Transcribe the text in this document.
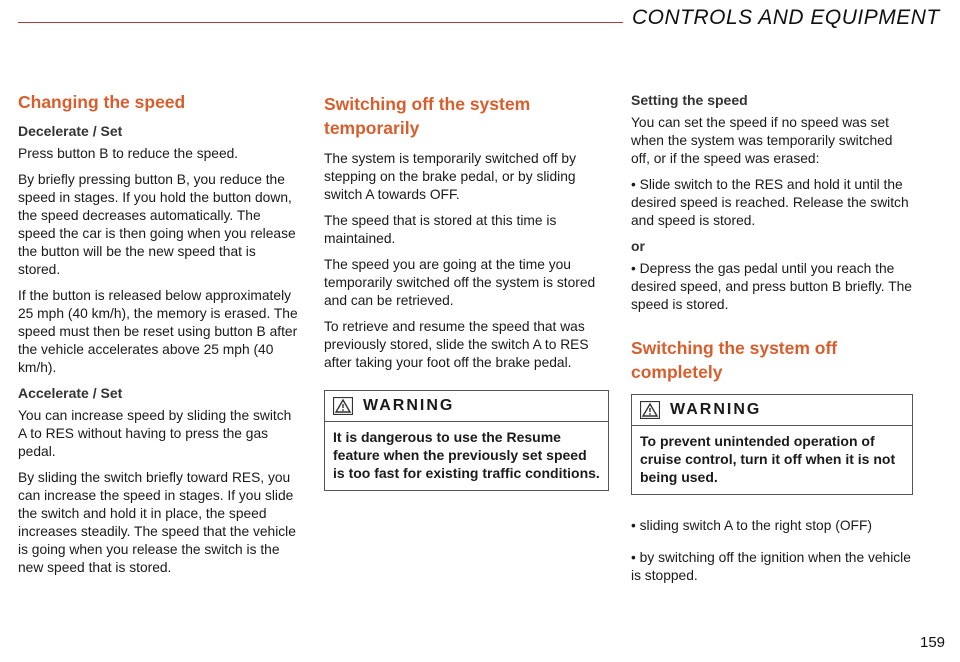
CONTROLS AND EQUIPMENT
Changing the speed
Decelerate / Set

Press button B to reduce the speed.

By briefly pressing button B, you reduce the speed in stages. If you hold the button down, the speed decreases automatically. The speed the car is then going when you release the button will be the new speed that is stored.

If the button is released below approximately 25 mph (40 km/h), the memory is erased. The speed must then be reset using button B after the vehicle accelerates above 25 mph (40 km/h).

Accelerate / Set

You can increase speed by sliding the switch A to RES without having to press the gas pedal.

By sliding the switch briefly toward RES, you can increase the speed in stages. If you slide the switch and hold it in place, the speed increases steadily. The speed that the vehicle is going when you release the switch is the new speed that is stored.

Switching off the system temporarily

The system is temporarily switched off by stepping on the brake pedal, or by sliding switch A towards OFF.

The speed that is stored at this time is maintained.

The speed you are going at the time you temporarily switched off the system is stored and can be retrieved.

To retrieve and resume the speed that was previously stored, slide the switch A to RES after taking your foot off the brake pedal.

WARNING
It is dangerous to use the Resume feature when the previously set speed is too fast for existing traffic conditions.
Setting the speed

You can set the speed if no speed was set when the system was temporarily switched off, or if the speed was erased:

• Slide switch to the RES and hold it until the desired speed is reached. Release the switch and speed is stored.

or

• Depress the gas pedal until you reach the desired speed, and press button B briefly. The speed is stored.

Switching the system off completely
WARNING
To prevent unintended operation of cruise control, turn it off when it is not being used.

• sliding switch A to the right stop (OFF)

• by switching off the ignition when the vehicle is stopped.

159
